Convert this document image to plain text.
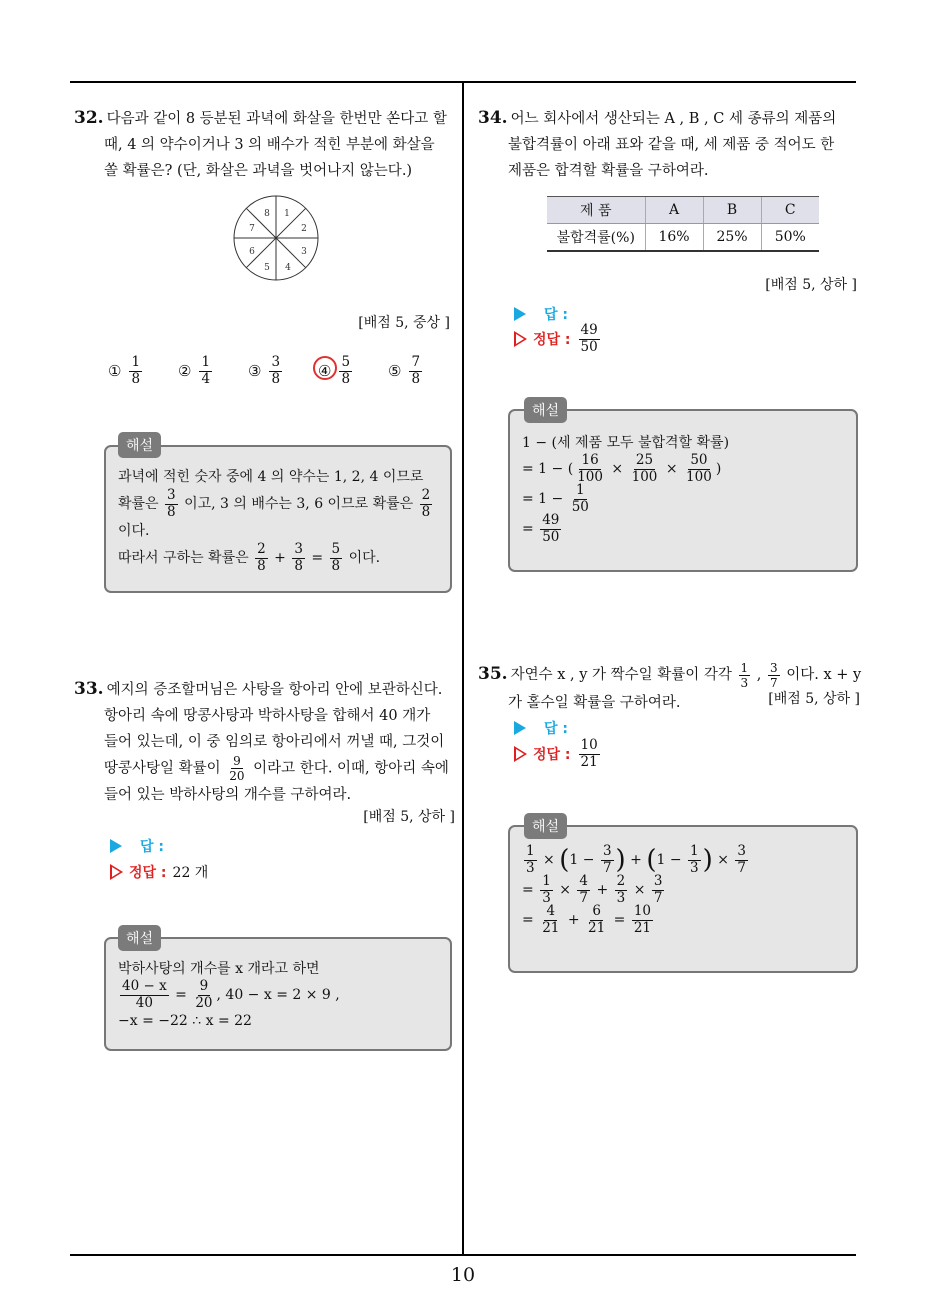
10
32. 다음과 같이 8 등분된 과녁에 화살을 한번만 쏜다고 할
때, 4 의 약수이거나 3 의 배수가 적힌 부분에 화살을
쏠 확률은? (단, 화살은 과녁을 벗어나지 않는다.)
1
2
3
4
5
6
7
8
[배점 5, 중상 ]
① $\frac{1}{8}$ ② $\frac{1}{4}$ ③ $\frac{3}{8}$ ④ $\frac{5}{8}$ ⑤ $\frac{7}{8}$
해설
과녁에 적힌 숫자 중에 4 의 약수는 1, 2, 4 이므로
확률은 $\frac{3}{8}$ 이고, 3 의 배수는 3, 6 이므로 확률은 $\frac{2}{8}$
이다.
따라서 구하는 확률은 $\frac{2}{8} + \frac{3}{8} = \frac{5}{8}$ 이다.
33. 예지의 증조할머님은 사탕을 항아리 안에 보관하신다.
항아리 속에 땅콩사탕과 박하사탕을 합해서 40 개가
들어 있는데, 이 중 임의로 항아리에서 꺼낼 때, 그것이
땅콩사탕일 확률이 $\frac{9}{20}$ 이라고 한다. 이때, 항아리 속에
들어 있는 박하사탕의 개수를 구하여라.
[배점 5, 상하 ]
답 :
정답 : 22 개
해설
박하사탕의 개수를 x 개라고 하면
$\frac{40 - x}{40} = \frac{9}{20}$ , 40 − x = 2 × 9 ,
−x = −22 ∴ x = 22
34. 어느 회사에서 생산되는 A , B , C 세 종류의 제품의
불합격률이 아래 표와 같을 때, 세 제품 중 적어도 한
제품은 합격할 확률을 구하여라.
제 품	A	B	C
불합격률(%)	16%	25%	50%
[배점 5, 상하 ]
답 :
정답 : $\frac{49}{50}$
해설
1 − (세 제품 모두 불합격할 확률)
= 1 − ( $\frac{16}{100} \times \frac{25}{100} \times \frac{50}{100}$ )
= $1 - \frac{1}{50}$
= $\frac{49}{50}$
35. 자연수 x , y 가 짝수일 확률이 각각 $\frac{1}{3}$ , $\frac{3}{7}$ 이다. x + y
가 홀수일 확률을 구하여라.	[배점 5, 상하 ]
답 :
정답 : $\frac{10}{21}$
해설
$\frac{1}{3} \times (1 - \frac{3}{7}$ ) + ($1 - \frac{1}{3}$ ) × $\frac{3}{7}$
= $\frac{1}{3} \times \frac{4}{7} + \frac{2}{3} \times \frac{3}{7}$
= $\frac{4}{21} + \frac{6}{21} = \frac{10}{21}$
